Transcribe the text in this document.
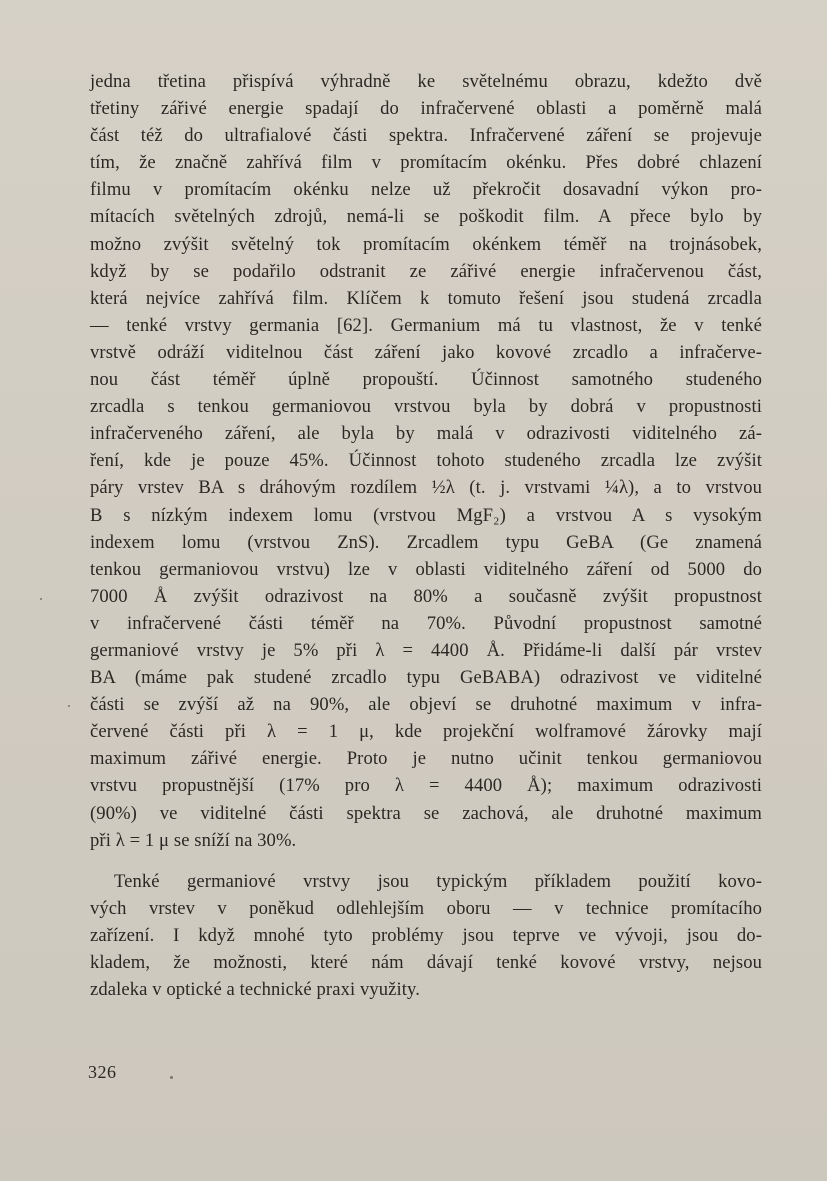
jedna třetina přispívá výhradně ke světelnému obrazu, kdežto dvě
třetiny zářivé energie spadají do infračervené oblasti a poměrně malá
část též do ultrafialové části spektra. Infračervené záření se projevuje
tím, že značně zahřívá film v promítacím okénku. Přes dobré chlazení
filmu v promítacím okénku nelze už překročit dosavadní výkon pro-
mítacích světelných zdrojů, nemá-li se poškodit film. A přece bylo by
možno zvýšit světelný tok promítacím okénkem téměř na trojnásobek,
když by se podařilo odstranit ze zářivé energie infračervenou část,
která nejvíce zahřívá film. Klíčem k tomuto řešení jsou studená zrcadla
— tenké vrstvy germania [62]. Germanium má tu vlastnost, že v tenké
vrstvě odráží viditelnou část záření jako kovové zrcadlo a infračerve-
nou část téměř úplně propouští. Účinnost samotného studeného
zrcadla s tenkou germaniovou vrstvou byla by dobrá v propustnosti
infračerveného záření, ale byla by malá v odrazivosti viditelného zá-
ření, kde je pouze 45%. Účinnost tohoto studeného zrcadla lze zvýšit
páry vrstev BA s dráhovým rozdílem ½λ (t. j. vrstvami ¼λ), a to vrstvou
B s nízkým indexem lomu (vrstvou MgF₂) a vrstvou A s vysokým
indexem lomu (vrstvou ZnS). Zrcadlem typu GeBA (Ge znamená
tenkou germaniovou vrstvu) lze v oblasti viditelného záření od 5000 do
7000 Å zvýšit odrazivost na 80% a současně zvýšit propustnost
v infračervené části téměř na 70%. Původní propustnost samotné
germaniové vrstvy je 5% při λ = 4400 Å. Přidáme-li další pár vrstev
BA (máme pak studené zrcadlo typu GeBABA) odrazivost ve viditelné
části se zvýší až na 90%, ale objeví se druhotné maximum v infra-
červené části při λ = 1 μ, kde projekční wolframové žárovky mají
maximum zářivé energie. Proto je nutno učinit tenkou germaniovou
vrstvu propustnější (17% pro λ = 4400 Å); maximum odrazivosti
(90%) ve viditelné části spektra se zachová, ale druhotné maximum
při λ = 1 μ se sníží na 30%.
Tenké germaniové vrstvy jsou typickým příkladem použití kovo-
vých vrstev v poněkud odlehlejším oboru — v technice promítacího
zařízení. I když mnohé tyto problémy jsou teprve ve vývoji, jsou do-
kladem, že možnosti, které nám dávají tenké kovové vrstvy, nejsou
zdaleka v optické a technické praxi využity.
326
